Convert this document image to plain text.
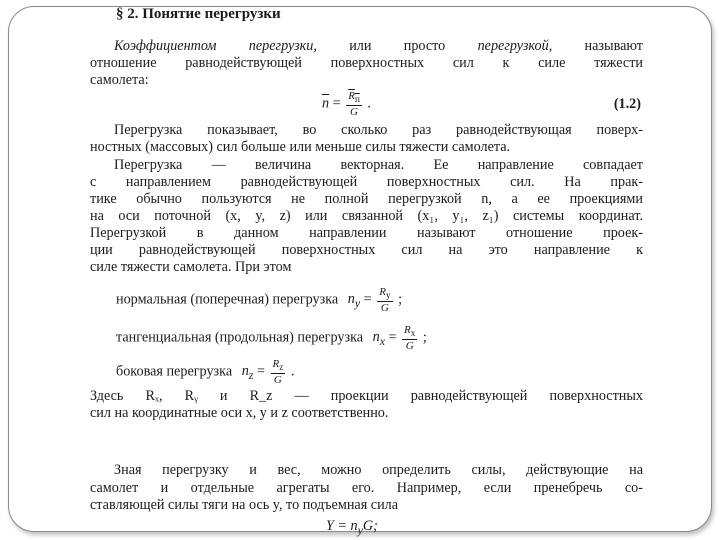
§ 2. Понятие перегрузки
Коэффициентом перегрузки, или просто перегрузкой, называют
отношение равнодействующей поверхностных сил к силе тяжести
самолета:
$\overline{n} = \frac{R_п}{G}$ .	(1.2)
Перегрузка показывает, во сколько раз равнодействующая поверх-
ностных (массовых) сил больше или меньше силы тяжести самолета.
Перегрузка — величина векторная. Ее направление совпадает
с направлением равнодействующей поверхностных сил. На прак-
тике обычно пользуются не полной перегрузкой n, а ее проекциями
на оси поточной (x, y, z) или связанной (x₁, y₁, z₁) системы координат.
Перегрузкой в данном направлении называют отношение проек-
ции равнодействующей поверхностных сил на это направление к
силе тяжести самолета. При этом
нормальная (поперечная) перегрузка $n_y = \frac{R_y}{G}$ ;
тангенциальная (продольная) перегрузка $n_x = \frac{R_x}{G}$ ;
боковая перегрузка $n_z = \frac{R_z}{G}$ .
Здесь Rₓ, Rᵧ и R_z — проекции равнодействующей поверхностных
сил на координатные оси x, y и z соответственно.
Зная перегрузку и вес, можно определить силы, действующие на
самолет и отдельные агрегаты его. Например, если пренебречь со-
ставляющей силы тяги на ось y, то подъемная сила
$Y = n_yG$;
